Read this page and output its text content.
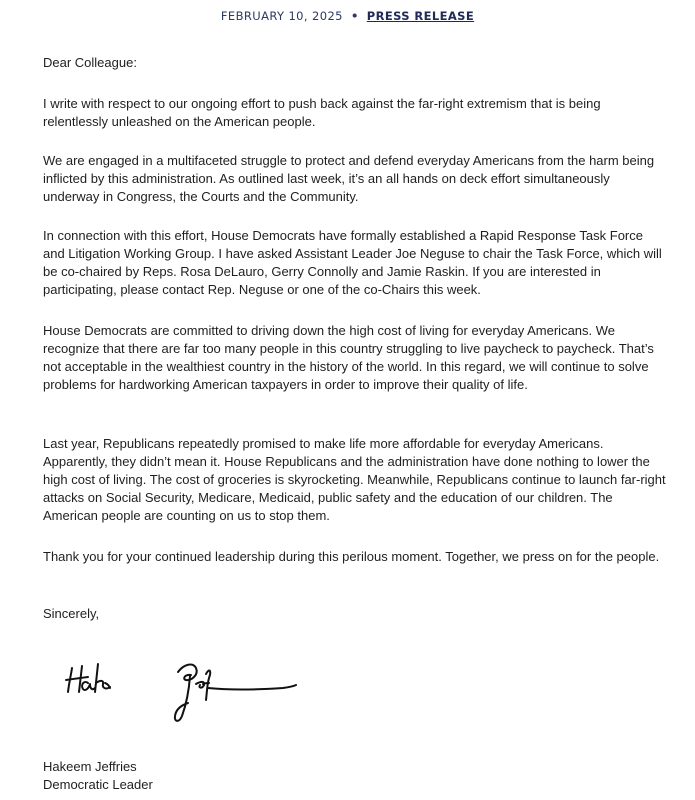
FEBRUARY 10, 2025 • PRESS RELEASE

Dear Colleague:

I write with respect to our ongoing effort to push back against the far-right extremism that is being relentlessly unleashed on the American people.

We are engaged in a multifaceted struggle to protect and defend everyday Americans from the harm being inflicted by this administration. As outlined last week, it’s an all hands on deck effort simultaneously underway in Congress, the Courts and the Community.

In connection with this effort, House Democrats have formally established a Rapid Response Task Force and Litigation Working Group. I have asked Assistant Leader Joe Neguse to chair the Task Force, which will be co-chaired by Reps. Rosa DeLauro, Gerry Connolly and Jamie Raskin. If you are interested in participating, please contact Rep. Neguse or one of the co-Chairs this week.

House Democrats are committed to driving down the high cost of living for everyday Americans. We recognize that there are far too many people in this country struggling to live paycheck to paycheck. That’s not acceptable in the wealthiest country in the history of the world. In this regard, we will continue to solve problems for hardworking American taxpayers in order to improve their quality of life.

Last year, Republicans repeatedly promised to make life more affordable for everyday Americans. Apparently, they didn’t mean it. House Republicans and the administration have done nothing to lower the high cost of living. The cost of groceries is skyrocketing. Meanwhile, Republicans continue to launch far-right attacks on Social Security, Medicare, Medicaid, public safety and the education of our children. The American people are counting on us to stop them.

Thank you for your continued leadership during this perilous moment. Together, we press on for the people.

Sincerely,

Hakeem Jeffries

Democratic Leader
